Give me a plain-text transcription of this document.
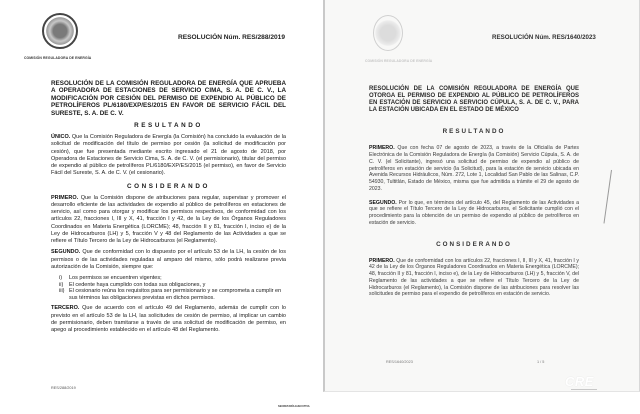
COMISIÓN REGULADORA DE ENERGÍA
RESOLUCIÓN Núm. RES/288/2019
RESOLUCIÓN DE LA COMISIÓN REGULADORA DE ENERGÍA QUE APRUEBA A OPERADORA DE ESTACIONES DE SERVICIO CIMA, S. A. DE C. V., LA MODIFICACIÓN POR CESIÓN DEL PERMISO DE EXPENDIO AL PÚBLICO DE PETROLÍFEROS PL/6180/EXP/ES/2015 EN FAVOR DE SERVICIO FÁCIL DEL SURESTE, S. A. DE C. V.
RESULTANDO

ÚNICO. Que la Comisión Reguladora de Energía (la Comisión) ha concluido la evaluación de la solicitud de modificación del título de permiso por cesión (la solicitud de modificación por cesión), que fue presentada mediante escrito ingresado el 21 de agosto de 2018, por Operadora de Estaciones de Servicio Cima, S. A. de C. V. (el permisionario), titular del permiso de expendio al público de petrolíferos PL/6180/EXP/ES/2015 (el permiso), en favor de Servicio Fácil del Sureste, S. A. de C. V. (el cesionario).

CONSIDERANDO

PRIMERO. Que la Comisión dispone de atribuciones para regular, supervisar y promover el desarrollo eficiente de las actividades de expendio al público de petrolíferos en estaciones de servicio, así como para otorgar y modificar los permisos respectivos, de conformidad con los artículos 22, fracciones I, III y X, 41, fracción I y 42, de la Ley de los Órganos Reguladores Coordinados en Materia Energética (LORCME); 48, fracción II y 81, fracción I, inciso e) de la Ley de Hidrocarburos (LH) y 5, fracción V y 48 del Reglamento de las Actividades a que se refiere el Título Tercero de la Ley de Hidrocarburos (el Reglamento).

SEGUNDO. Que de conformidad con lo dispuesto por el artículo 53 de la LH, la cesión de los permisos o de las actividades reguladas al amparo del mismo, sólo podrá realizarse previa autorización de la Comisión, siempre que:

i)	Los permisos se encuentren vigentes;
ii)	El cedente haya cumplido con todas sus obligaciones, y
iii) El cesionario reúna los requisitos para ser permisionario y se comprometa a cumplir en sus términos las obligaciones previstas en dichos permisos.

TERCERO. Que de acuerdo con el artículo 49 del Reglamento, además de cumplir con lo previsto en el artículo 53 de la LH, las solicitudes de cesión de permiso, al implicar un cambio de permisionario, deben tramitarse a través de una solicitud de modificación de permiso, en apego al procedimiento establecido en el artículo 48 del Reglamento.

RES/288/2019
SECRETARÍA EJECUTIVA
COMISIÓN REGULADORA DE ENERGÍA
RESOLUCIÓN Núm. RES/1640/2023
RESOLUCIÓN DE LA COMISIÓN REGULADORA DE ENERGÍA QUE OTORGA EL PERMISO DE EXPENDIO AL PÚBLICO DE PETROLÍFEROS EN ESTACIÓN DE SERVICIO A SERVICIO CÚPULA, S. A. DE C. V., PARA LA ESTACIÓN UBICADA EN EL ESTADO DE MÉXICO
RESULTANDO

PRIMERO. Que con fecha 07 de agosto de 2023, a través de la Oficialía de Partes Electrónica de la Comisión Reguladora de Energía (la Comisión) Servicio Cúpula, S. A. de C. V. (el Solicitante), ingresó una solicitud de permiso de expendio al público de petrolíferos en estación de servicio (la Solicitud), para la estación de servicio ubicada en Avenida Recursos Hidráulicos, Núm. 272, Lote 1, Localidad San Pablo de las Salinas, C.P. 54930, Tultitlán, Estado de México, misma que fue admitida a trámite el 29 de agosto de 2023.

SEGUNDO. Por lo que, en términos del artículo 45, del Reglamento de las Actividades a que se refiere el Título Tercero de la Ley de Hidrocarburos, el Solicitante cumplió con el procedimiento para la obtención de un permiso de expendio al público de petrolíferos en estación de servicio.

CONSIDERANDO

PRIMERO. Que de conformidad con los artículos 22, fracciones I, II, III y X, 41, fracción I y 42 de la Ley de los Órganos Reguladores Coordinados en Materia Energética (LORCME); 48, fracción II y 81, fracción I, inciso e), de la Ley de Hidrocarburos (LH) y 5, fracción V, del Reglamento de las actividades a que se refiere el Título Tercero de la Ley de Hidrocarburos (el Reglamento), la Comisión dispone de las atribuciones para resolver las solicitudes de permiso para el expendio de petrolíferos en estación de servicio.

RES/1640/2023	1 / 5
CRE
